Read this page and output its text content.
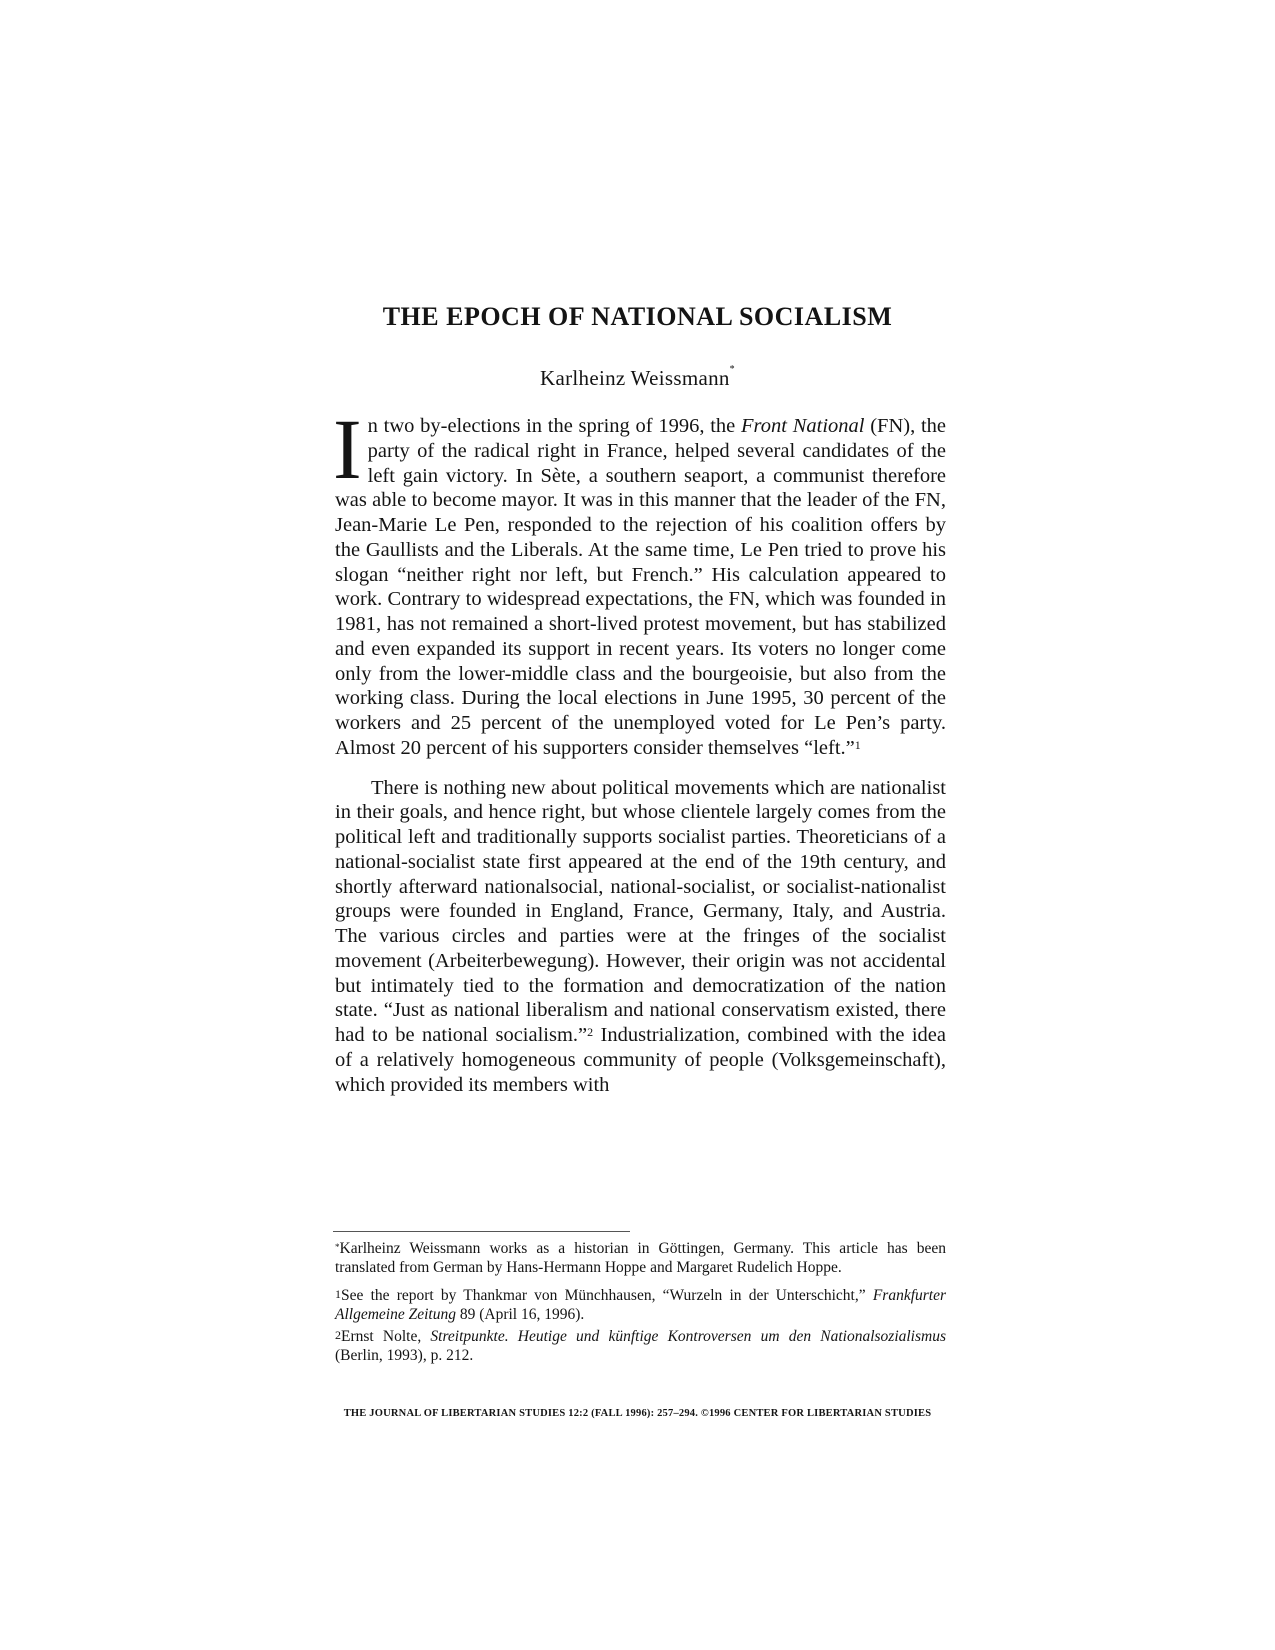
THE EPOCH OF NATIONAL SOCIALISM
Karlheinz Weissmann*

In two by-elections in the spring of 1996, the Front National (FN), the party of the radical right in France, helped several candidates of the left gain victory. In Sète, a southern seaport, a communist therefore was able to become mayor. It was in this manner that the leader of the FN, Jean-Marie Le Pen, responded to the rejection of his coalition offers by the Gaullists and the Liberals. At the same time, Le Pen tried to prove his slogan “neither right nor left, but French.” His calculation appeared to work. Contrary to widespread expectations, the FN, which was founded in 1981, has not remained a short-lived protest movement, but has stabilized and even expanded its support in recent years. Its voters no longer come only from the lower-middle class and the bourgeoisie, but also from the working class. During the local elections in June 1995, 30 percent of the workers and 25 percent of the unemployed voted for Le Pen’s party. Almost 20 percent of his supporters consider themselves “left.”$^1$

There is nothing new about political movements which are nationalist in their goals, and hence right, but whose clientele largely comes from the political left and traditionally supports socialist parties. Theoreticians of a national-socialist state first appeared at the end of the 19th century, and shortly afterward nationalsocial, national-socialist, or socialist-nationalist groups were founded in England, France, Germany, Italy, and Austria. The various circles and parties were at the fringes of the socialist movement (Arbeiterbewegung). However, their origin was not accidental but intimately tied to the formation and democratization of the nation state. “Just as national liberalism and national conservatism existed, there had to be national socialism.”$^2$ Industrialization, combined with the idea of a relatively homogeneous community of people (Volksgemeinschaft), which provided its members with

*Karlheinz Weissmann works as a historian in Göttingen, Germany. This article has been translated from German by Hans-Hermann Hoppe and Margaret Rudelich Hoppe.

$^1$See the report by Thankmar von Münchhausen, “Wurzeln in der Unterschicht,” Frankfurter Allgemeine Zeitung 89 (April 16, 1996).

$^2$Ernst Nolte, Streitpunkte. Heutige und künftige Kontroversen um den Nationalsozialismus (Berlin, 1993), p. 212.

THE JOURNAL OF LIBERTARIAN STUDIES 12:2 (FALL 1996): 257–294. ©1996 CENTER FOR LIBERTARIAN STUDIES
